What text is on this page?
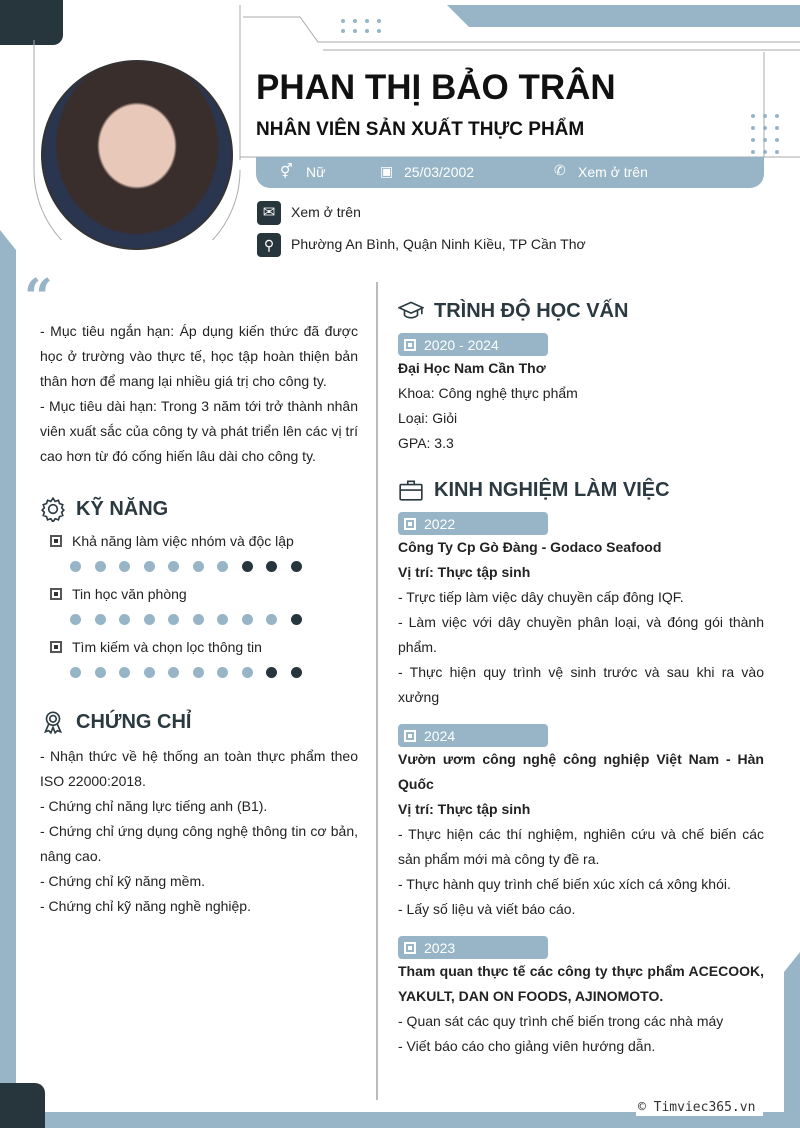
PHAN THỊ BẢO TRÂN
NHÂN VIÊN SẢN XUẤT THỰC PHẨM
⚥ Nữ	▣ 25/03/2002	✆ Xem ở trên
✉	Xem ở trên
⚲	Phường An Bình, Quận Ninh Kiều, TP Cần Thơ
“

- Mục tiêu ngắn hạn: Áp dụng kiến thức đã được học ở trường vào thực tế, học tập hoàn thiện bản thân hơn để mang lại nhiều giá trị cho công ty.

- Mục tiêu dài hạn: Trong 3 năm tới trở thành nhân viên xuất sắc của công ty và phát triển lên các vị trí cao hơn từ đó cống hiến lâu dài cho công ty.

KỸ NĂNG
Khả năng làm việc nhóm và độc lập
Tin học văn phòng
Tìm kiếm và chọn lọc thông tin
CHỨNG CHỈ

- Nhận thức về hệ thống an toàn thực phẩm theo ISO 22000:2018.

- Chứng chỉ năng lực tiếng anh (B1).

- Chứng chỉ ứng dụng công nghệ thông tin cơ bản, nâng cao.

- Chứng chỉ kỹ năng mềm.

- Chứng chỉ kỹ năng nghề nghiệp.

TRÌNH ĐỘ HỌC VẤN
2020 - 2024

Đại Học Nam Cần Thơ

Khoa: Công nghệ thực phẩm

Loại: Giỏi

GPA: 3.3

KINH NGHIỆM LÀM VIỆC
2022

Công Ty Cp Gò Đàng - Godaco Seafood

Vị trí: Thực tập sinh

- Trực tiếp làm việc dây chuyền cấp đông IQF.

- Làm việc với dây chuyền phân loại, và đóng gói thành phẩm.

- Thực hiện quy trình vệ sinh trước và sau khi ra vào xưởng

2024

Vườn ươm công nghệ công nghiệp Việt Nam - Hàn Quốc

Vị trí: Thực tập sinh

- Thực hiện các thí nghiệm, nghiên cứu và chế biến các sản phẩm mới mà công ty đề ra.

- Thực hành quy trình chế biến xúc xích cá xông khói.

- Lấy số liệu và viết báo cáo.

2023

Tham quan thực tế các công ty thực phẩm ACECOOK, YAKULT, DAN ON FOODS, AJINOMOTO.

- Quan sát các quy trình chế biến trong các nhà máy

- Viết báo cáo cho giảng viên hướng dẫn.

© Timviec365.vn
